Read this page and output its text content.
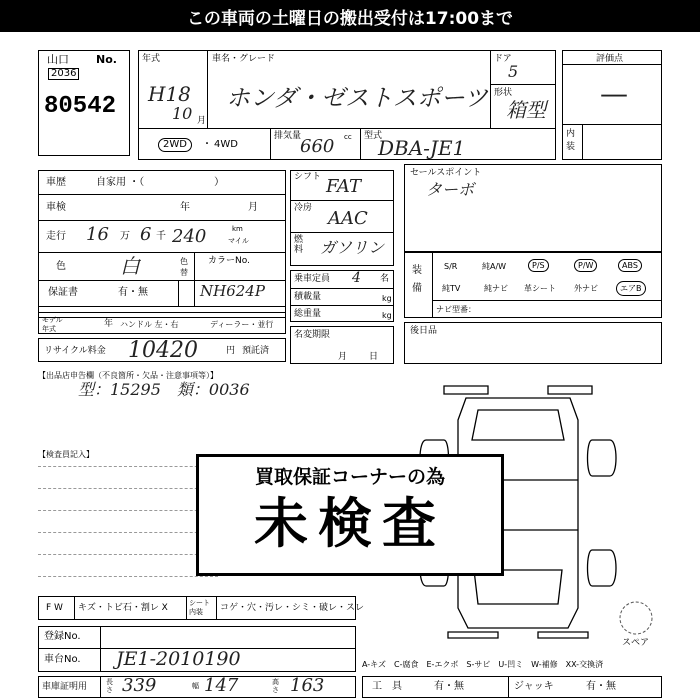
この車両の土曜日の搬出受付は17:00まで
山口 No.
2036
80542
年式
H18
10 月
車名・グレード
ホンダ・ゼストスポーツ
ドア
5
形状
箱型
2WD	・ 4WD
排気量
660 cc 型式
DBA-JE1
評価点
—
内装
車歴	自家用 ・（　　　　　　　）
車検	年	月
走行 16 万 6 千 240	km
マイル
色	白	色替
カラーNo.
保証書	有・無	NH624P
モデル年式	年 ハンドル 左・右	ディーラー・並行
リサイクル料金 10420	円 預託済
シフト FAT
冷房 AAC
燃料 ガソリン
乗車定員 4 名
積載量	kg
総重量	kg
名変期限
月日
セールスポイント
ターボ
装備
S/R	純A/W	P/S	P/W	ABS
純TV	純ナビ 革シート 外ナビ	エアB
ナビ型番：
後日品
【出品店申告欄（不良箇所・欠品・注意事項等）】
型：15295　類：0036
【検査員記入】
スペア
買取保証コーナーの為
未検査
F W キズ・トビ石・割レ X	シート内装	コゲ・穴・汚レ・シミ・破レ・スレ
登録No.
車台No. JE1-2010190	A-キズ　C-腐食　E-エクボ　S-サビ　U-凹ミ　W-補修　XX-交換済
車庫証明用	長さ 339	幅 147	高さ 163	工　具	有・無	ジャッキ	有・無
